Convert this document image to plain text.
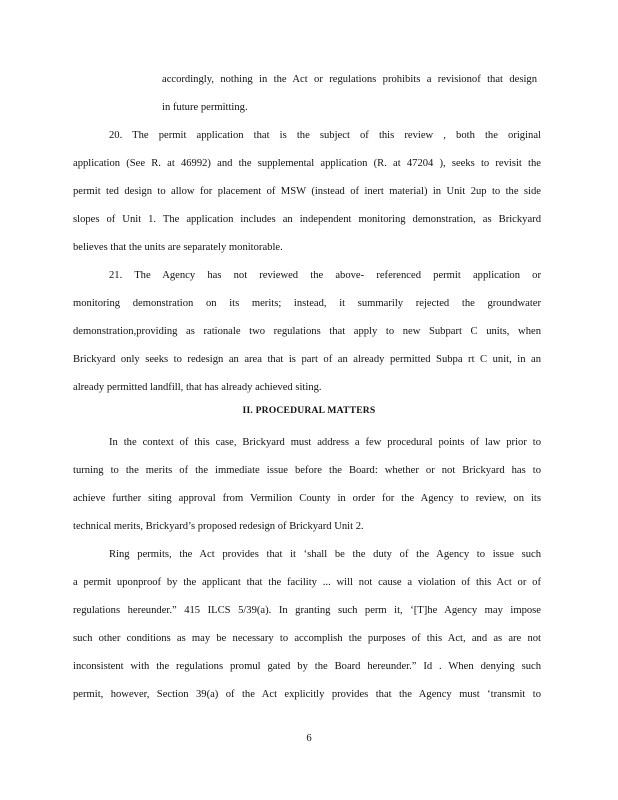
accordingly, nothing in the Act or regulations prohibits a revisionof that design
in future permitting.
20. The permit application that is the subject of this review , both the original
application (See R. at 46992) and the supplemental application (R. at 47204 ), seeks to revisit the
permit ted design to allow for placement of MSW (instead of inert material) in Unit 2up to the side
slopes of Unit 1. The application includes an independent monitoring demonstration, as Brickyard
believes that the units are separately monitorable.
21. The Agency has not reviewed the above- referenced permit application or
monitoring demonstration on its merits; instead, it summarily rejected the groundwater
demonstration,providing as rationale two regulations that apply to new Subpart C units, when
Brickyard only seeks to redesign an area that is part of an already permitted Subpa rt C unit, in an
already permitted landfill, that has already achieved siting.
II. PROCEDURAL MATTERS
In the context of this case, Brickyard must address a few procedural points of law prior to
turning to the merits of the immediate issue before the Board: whether or not Brickyard has to
achieve further siting approval from Vermilion County in order for the Agency to review, on its
technical merits, Brickyard’s proposed redesign of Brickyard Unit 2.
Ring permits, the Act provides that it ‘shall be the duty of the Agency to issue such
a permit uponproof by the applicant that the facility ... will not cause a violation of this Act or of
regulations hereunder.” 415 ILCS 5/39(a). In granting such perm it, ‘[T]he Agency may impose
such other conditions as may be necessary to accomplish the purposes of this Act, and as are not
inconsistent with the regulations promul gated by the Board hereunder.” Id . When denying such
permit, however, Section 39(a) of the Act explicitly provides that the Agency must ‘transmit to
6
